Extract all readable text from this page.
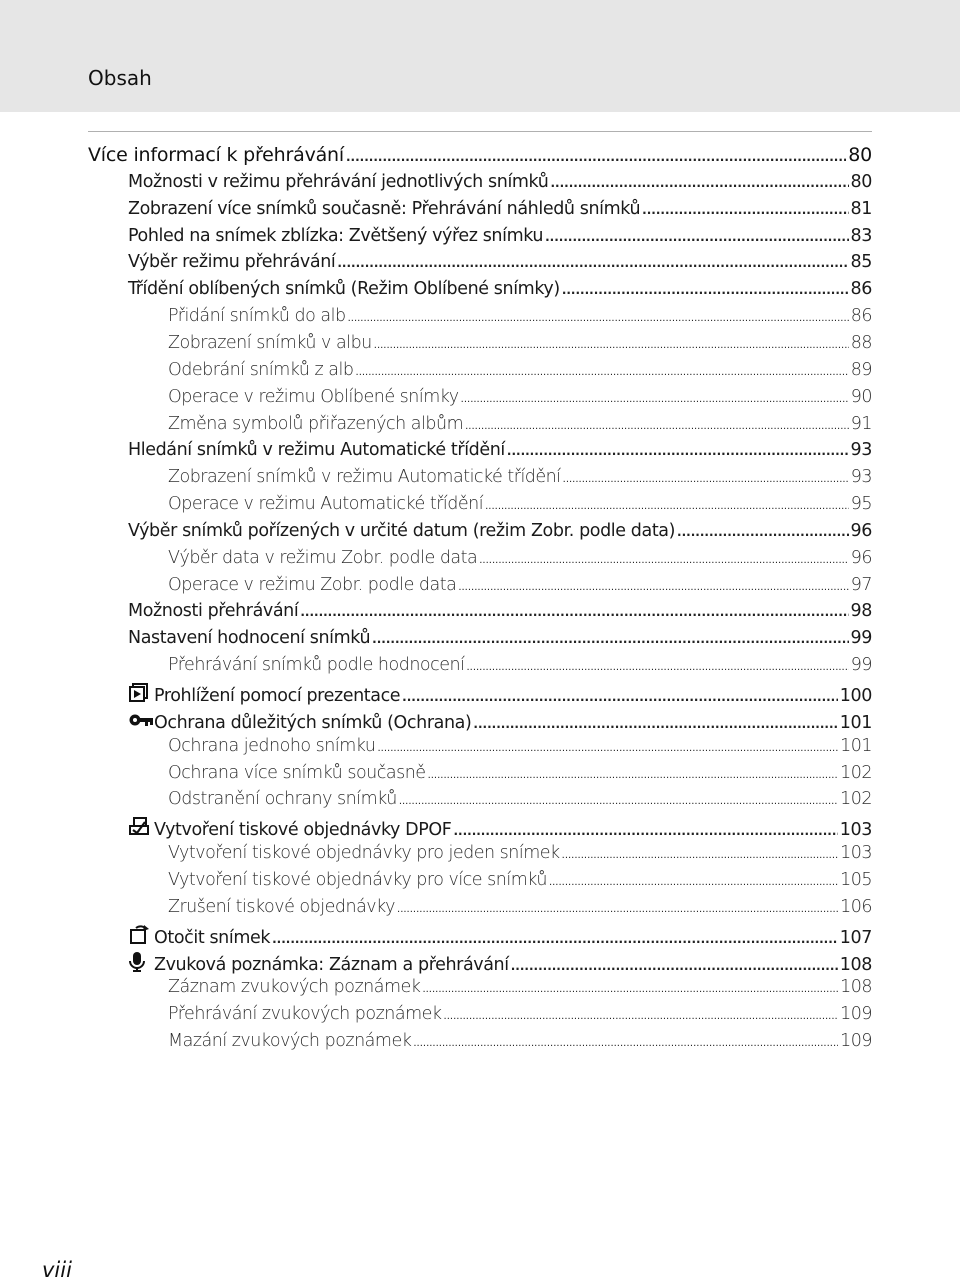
Obsah
Více informací k přehrávání .....	80
Možnosti v režimu přehrávání jednotlivých snímků .....	80
Zobrazení více snímků současně: Přehrávání náhledů snímků .....	81
Pohled na snímek zblízka: Zvětšený výřez snímku .....	83
Výběr režimu přehrávání .....	85
Třídění oblíbených snímků (Režim Oblíbené snímky) .....	86
Přidání snímků do alb .....	86
Zobrazení snímků v albu .....	88
Odebrání snímků z alb .....	89
Operace v režimu Oblíbené snímky .....	90
Změna symbolů přiřazených albům .....	91
Hledání snímků v režimu Automatické třídění .....	93
Zobrazení snímků v režimu Automatické třídění .....	93
Operace v režimu Automatické třídění .....	95
Výběr snímků pořízených v určité datum (režim Zobr. podle data) .....	96
Výběr data v režimu Zobr. podle data .....	96
Operace v režimu Zobr. podle data .....	97
Možnosti přehrávání .....	98
Nastavení hodnocení snímků .....	99
Přehrávání snímků podle hodnocení .....	99
Prohlížení pomocí prezentace .....	100
Ochrana důležitých snímků (Ochrana) .....	101
Ochrana jednoho snímku .....	101
Ochrana více snímků současně .....	102
Odstranění ochrany snímků .....	102
Vytvoření tiskové objednávky DPOF .....	103
Vytvoření tiskové objednávky pro jeden snímek .....	103
Vytvoření tiskové objednávky pro více snímků .....	105
Zrušení tiskové objednávky .....	106
Otočit snímek .....	107
Zvuková poznámka: Záznam a přehrávání .....	108
Záznam zvukových poznámek .....	108
Přehrávání zvukových poznámek .....	109
Mazání zvukových poznámek .....	109
viii
